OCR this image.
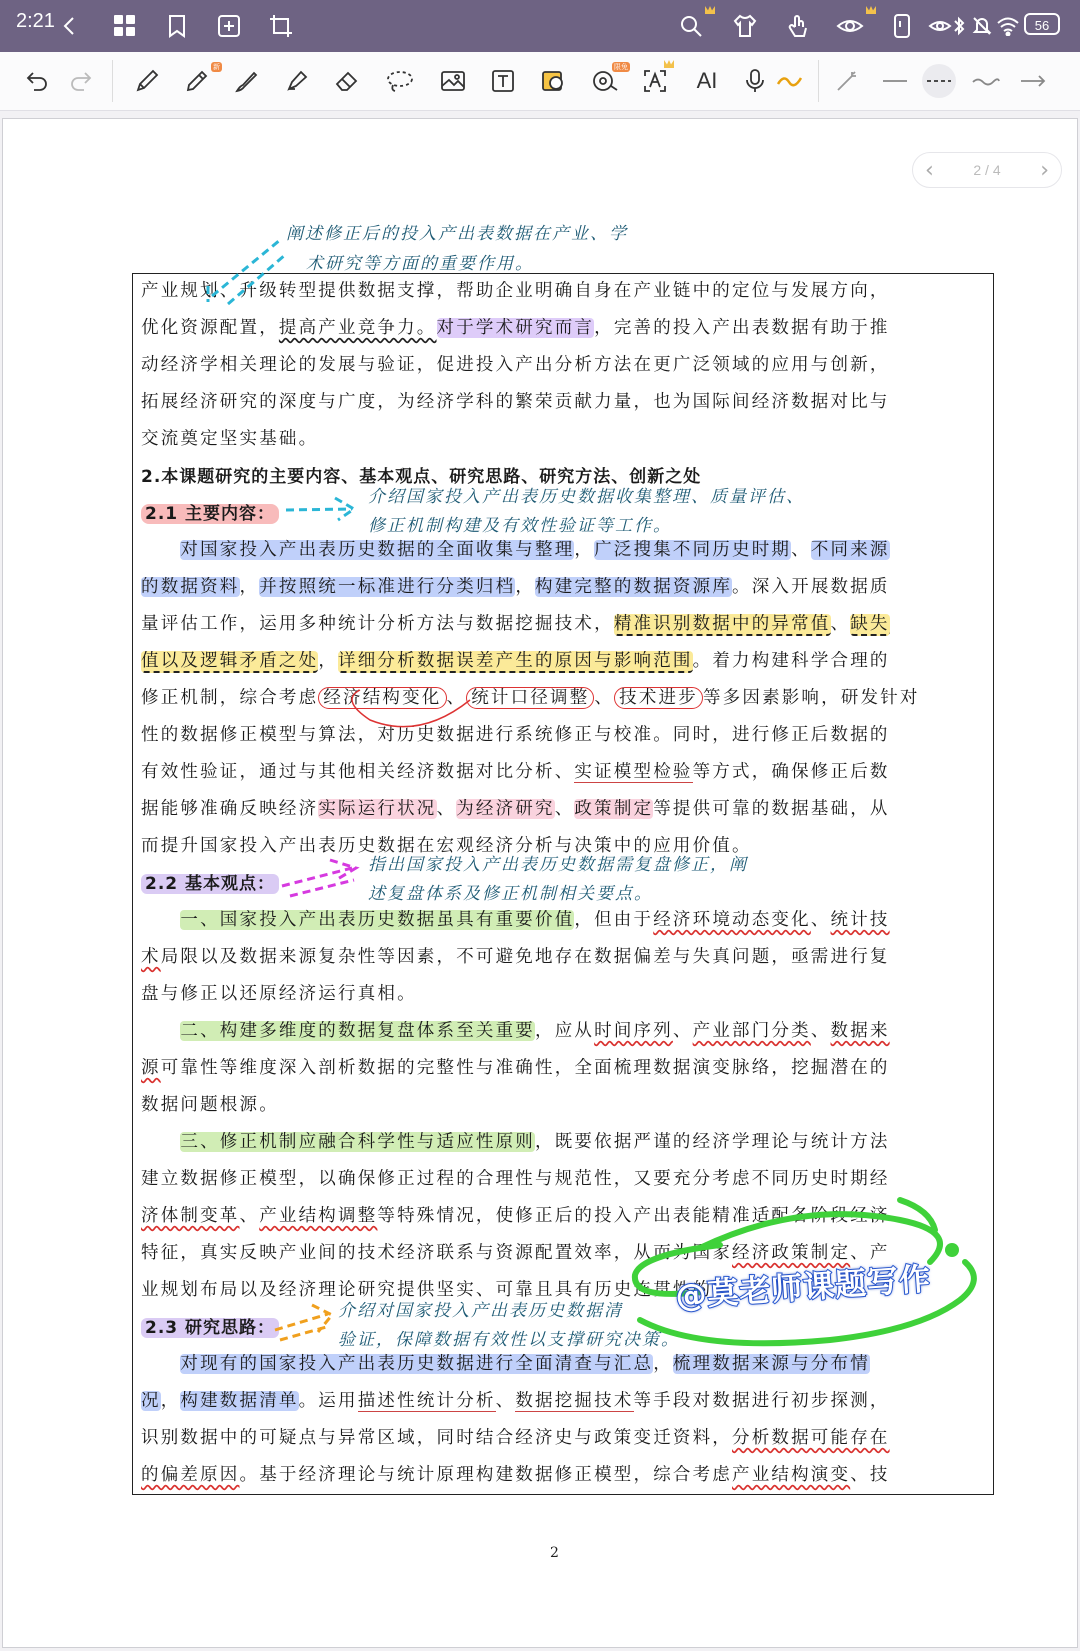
2:21	56
新	限免
AI
‹	2 / 4 ›
阐述修正后的投入产出表数据在产业、学
术研究等方面的重要作用。
产业规划、升级转型提供数据支撑，帮助企业明确自身在产业链中的定位与发展方向，
优化资源配置，提高产业竞争力。对于学术研究而言，完善的投入产出表数据有助于推
动经济学相关理论的发展与验证，促进投入产出分析方法在更广泛领域的应用与创新，
拓展经济研究的深度与广度，为经济学科的繁荣贡献力量，也为国际间经济数据对比与
交流奠定坚实基础。
2.本课题研究的主要内容、基本观点、研究思路、研究方法、创新之处
2.1 主要内容：
介绍国家投入产出表历史数据收集整理、质量评估、
修正机制构建及有效性验证等工作。
　　对国家投入产出表历史数据的全面收集与整理，广泛搜集不同历史时期、不同来源
的数据资料，并按照统一标准进行分类归档，构建完整的数据资源库。深入开展数据质
量评估工作，运用多种统计分析方法与数据挖掘技术，精准识别数据中的异常值、缺失
值以及逻辑矛盾之处，详细分析数据误差产生的原因与影响范围。着力构建科学合理的
修正机制，综合考虑 经济结构变化 、 统计口径调整 、 技术进步 等多因素影响，研发针对
性的数据修正模型与算法，对历史数据进行系统修正与校准。同时，进行修正后数据的
有效性验证，通过与其他相关经济数据对比分析、实证模型检验等方式，确保修正后数
据能够准确反映经济实际运行状况、为经济研究、政策制定等提供可靠的数据基础，从
而提升国家投入产出表历史数据在宏观经济分析与决策中的应用价值。
2.2 基本观点：
指出国家投入产出表历史数据需复盘修正，阐
述复盘体系及修正机制相关要点。
　　一、国家投入产出表历史数据虽具有重要价值，但由于经济环境动态变化、统计技
术局限以及数据来源复杂性等因素，不可避免地存在数据偏差与失真问题，亟需进行复
盘与修正以还原经济运行真相。
　　二、构建多维度的数据复盘体系至关重要，应从时间序列、产业部门分类、数据来
源可靠性等维度深入剖析数据的完整性与准确性，全面梳理数据演变脉络，挖掘潜在的
数据问题根源。
　　三、修正机制应融合科学性与适应性原则，既要依据严谨的经济学理论与统计方法
建立数据修正模型，以确保修正过程的合理性与规范性，又要充分考虑不同历史时期经
济体制变革、产业结构调整等特殊情况，使修正后的投入产出表能精准适配各阶段经济
特征，真实反映产业间的技术经济联系与资源配置效率，从而为国家经济政策制定、产
业规划布局以及经济理论研究提供坚实、可靠且具有历史连贯性的
2.3 研究思路：
介绍对国家投入产出表历史数据清
验证，保障数据有效性以支撑研究决策。
　　对现有的国家投入产出表历史数据进行全面清查与汇总，梳理数据来源与分布情
况，构建数据清单。运用描述性统计分析、数据挖掘技术等手段对数据进行初步探测，
识别数据中的可疑点与异常区域，同时结合经济史与政策变迁资料，分析数据可能存在
的偏差原因。基于经济理论与统计原理构建数据修正模型，综合考虑产业结构演变、技
2
@莫老师课题写作
